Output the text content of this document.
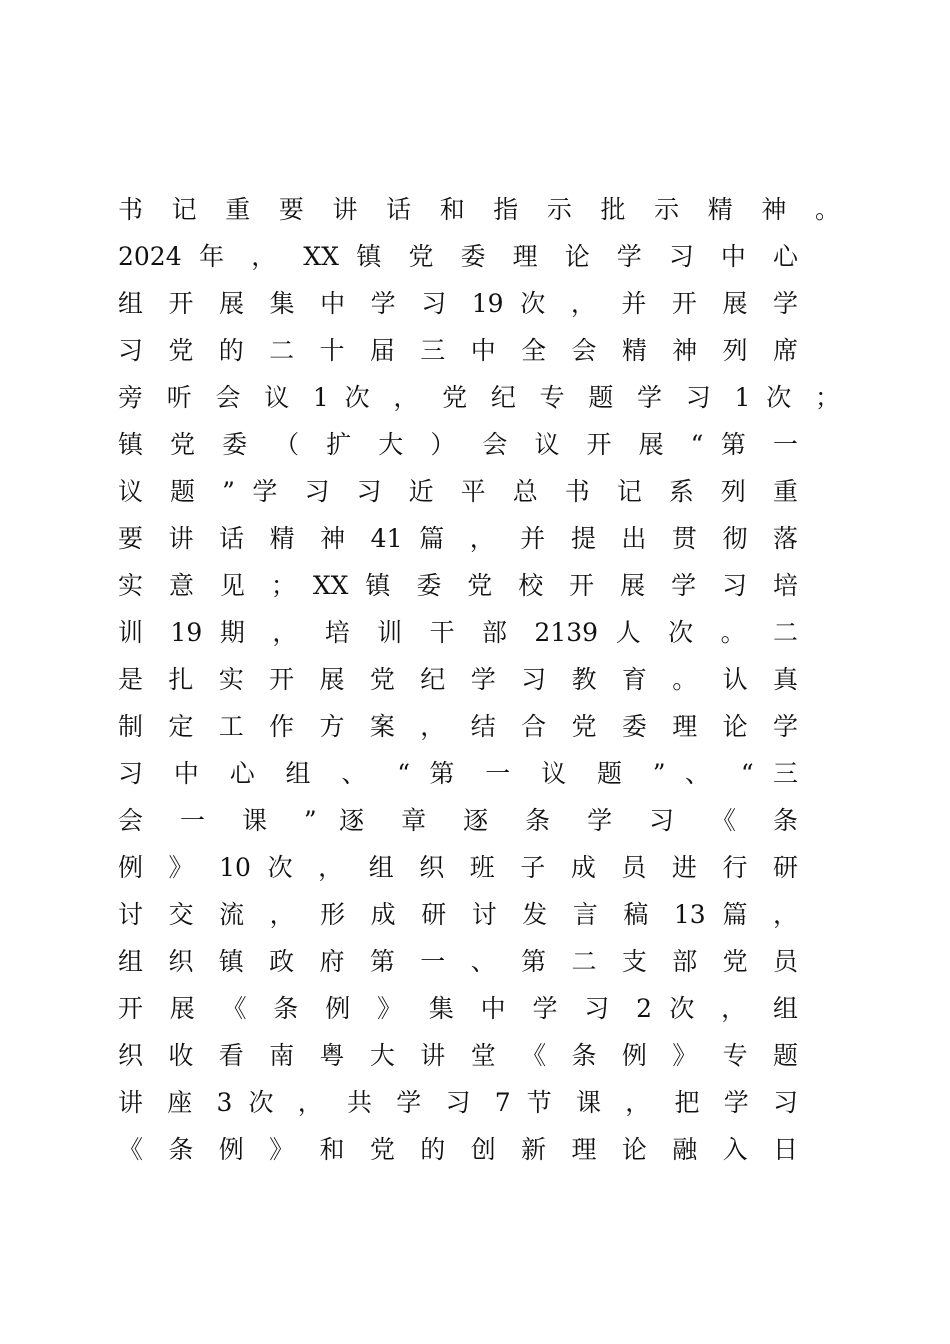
书 记 重 要 讲 话 和 指 示 批 示 精 神 。
2024 年 ， XX 镇 党 委 理 论 学 习 中 心
组 开 展 集 中 学 习 19 次 ， 并 开 展 学
习 党 的 二 十 届 三 中 全 会 精 神 列 席
旁 听 会 议 1 次 ， 党 纪 专 题 学 习 1 次 ；
镇 党 委 （ 扩 大 ） 会 议 开 展 “ 第 一
议 题 ” 学 习 习 近 平 总 书 记 系 列 重
要 讲 话 精 神 41 篇 ， 并 提 出 贯 彻 落
实 意 见 ； XX 镇 委 党 校 开 展 学 习 培
训 19 期 ， 培 训 干 部 2139 人 次 。 二
是 扎 实 开 展 党 纪 学 习 教 育 。 认 真
制 定 工 作 方 案 ， 结 合 党 委 理 论 学
习 中 心 组 、 “ 第 一 议 题 ” 、 “ 三
会 一 课 ” 逐 章 逐 条 学 习 《 条
例 》 10 次 ， 组 织 班 子 成 员 进 行 研
讨 交 流 ， 形 成 研 讨 发 言 稿 13 篇 ，
组 织 镇 政 府 第 一 、 第 二 支 部 党 员
开 展 《 条 例 》 集 中 学 习 2 次 ， 组
织 收 看 南 粤 大 讲 堂 《 条 例 》 专 题
讲 座 3 次 ， 共 学 习 7 节 课 ， 把 学 习
《 条 例 》 和 党 的 创 新 理 论 融 入 日
